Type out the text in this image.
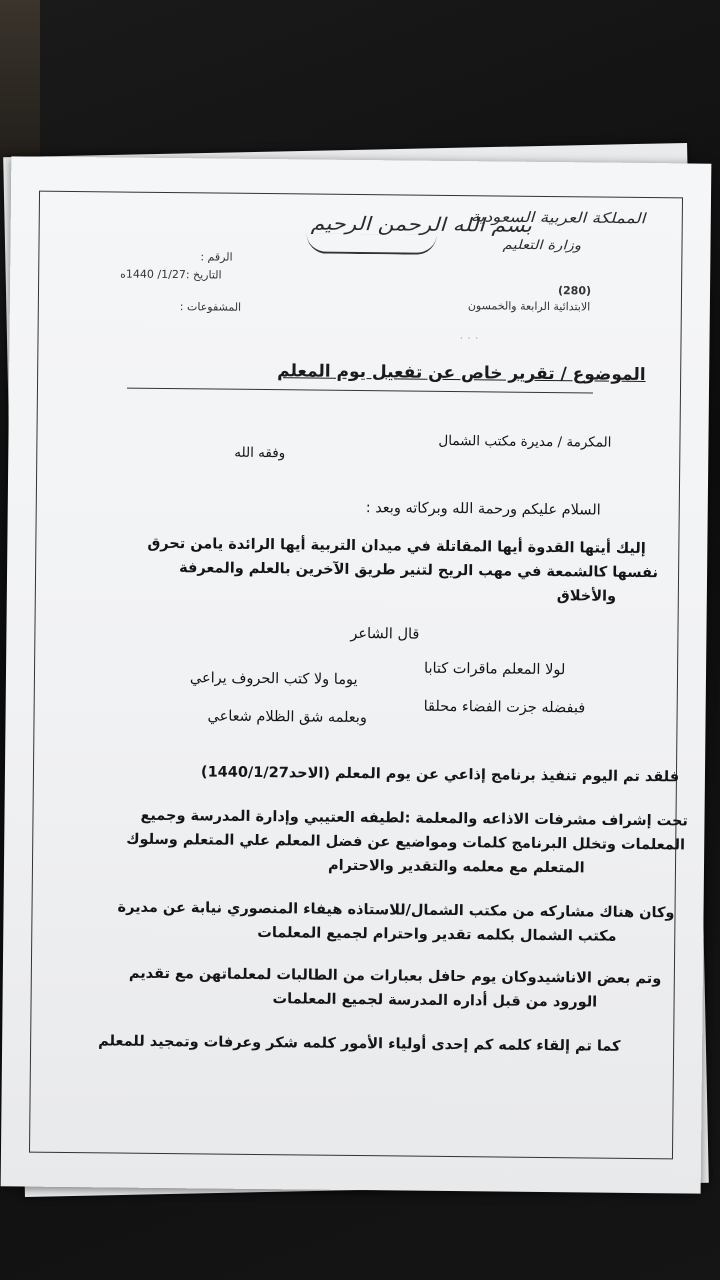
الرقم :
التاريخ :1/27/ 1440ه
المشفوعات :
بسم الله الرحمن الرحيم
المملكة العربية السعودية
وزارة التعليم
(280)
الابتدائية الرابعة والخمسون
· · ·
الموضوع / تقرير خاص عن تفعيل يوم المعلم
المكرمة / مديرة مكتب الشمال
وفقه الله
السلام عليكم ورحمة الله وبركاته وبعد :
إليك أيتها القدوة أيها المقاتلة في ميدان التربية أيها الرائدة يامن تحرق
نفسها كالشمعة في مهب الريح لتنير طريق الآخرين بالعلم والمعرفة
والأخلاق
قال الشاعر
لولا المعلم ماقرات كتابا
يوما ولا كتب الحروف يراعي
فبفضله جزت الفضاء محلقا
وبعلمه شق الظلام شعاعي
فلقد تم اليوم تنفيذ برنامج إذاعي عن يوم المعلم (الاحد1440/1/27)
تحت إشراف مشرفات الاذاعه والمعلمة :لطيفه العتيبي وإدارة المدرسة وجميع
المعلمات وتخلل البرنامج كلمات ومواضيع عن فضل المعلم علي المتعلم وسلوك
المتعلم مع معلمه والتقدير والاحترام
وكان هناك مشاركه من مكتب الشمال/للاستاذه هيفاء المنصوري نيابة عن مديرة
مكتب الشمال بكلمه تقدير واحترام لجميع المعلمات
وتم بعض الاناشيدوكان يوم حافل بعبارات من الطالبات لمعلماتهن مع تقديم
الورود من قبل أداره المدرسة لجميع المعلمات
كما تم إلقاء كلمه كم إحدى أولياء الأمور كلمه شكر وعرفات وتمجيد للمعلم
